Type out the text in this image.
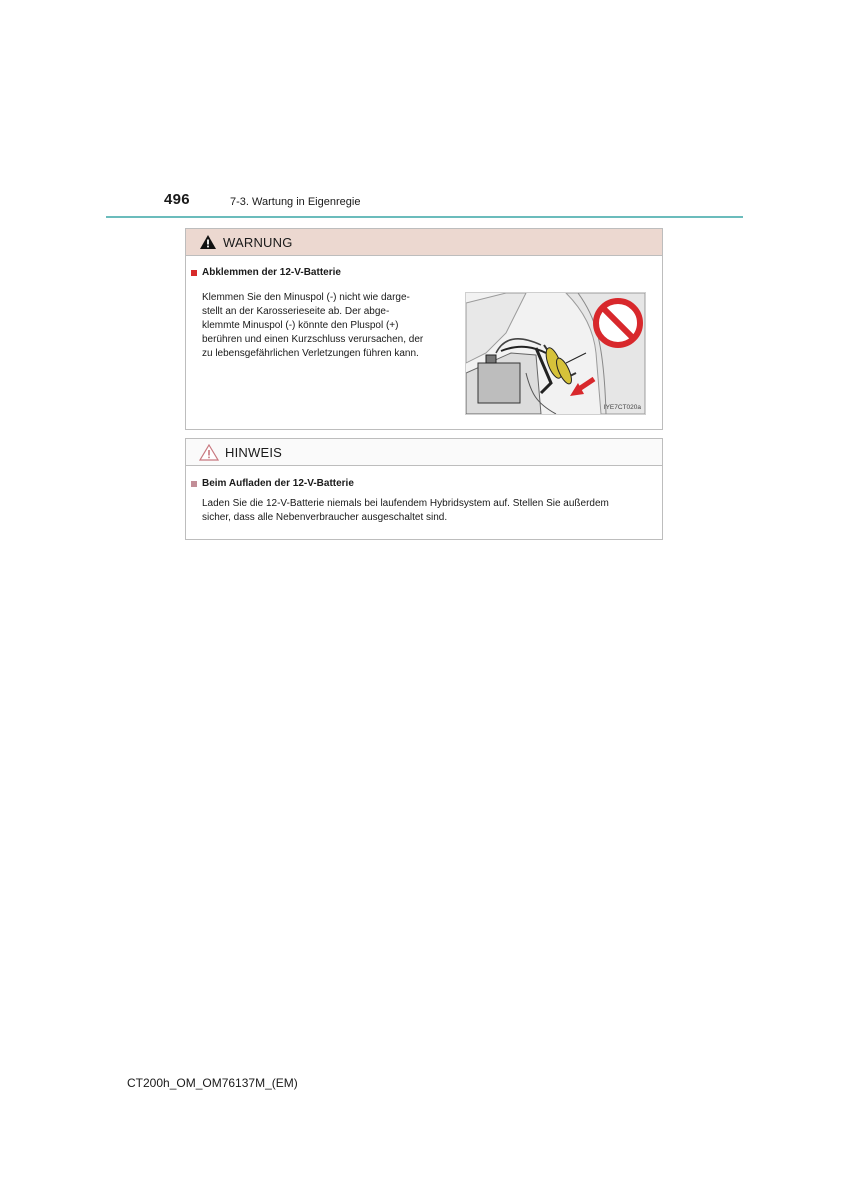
496	7-3. Wartung in Eigenregie
WARNUNG
Abklemmen der 12-V-Batterie
Klemmen Sie den Minuspol (-) nicht wie darge-
stellt an der Karosserieseite ab. Der abge-
klemmte Minuspol (-) könnte den Pluspol (+)
berühren und einen Kurzschluss verursachen, der
zu lebensgefährlichen Verletzungen führen kann.
IYE7CT020a
HINWEIS
Beim Aufladen der 12-V-Batterie
Laden Sie die 12-V-Batterie niemals bei laufendem Hybridsystem auf. Stellen Sie außerdem
sicher, dass alle Nebenverbraucher ausgeschaltet sind.
CT200h_OM_OM76137M_(EM)
